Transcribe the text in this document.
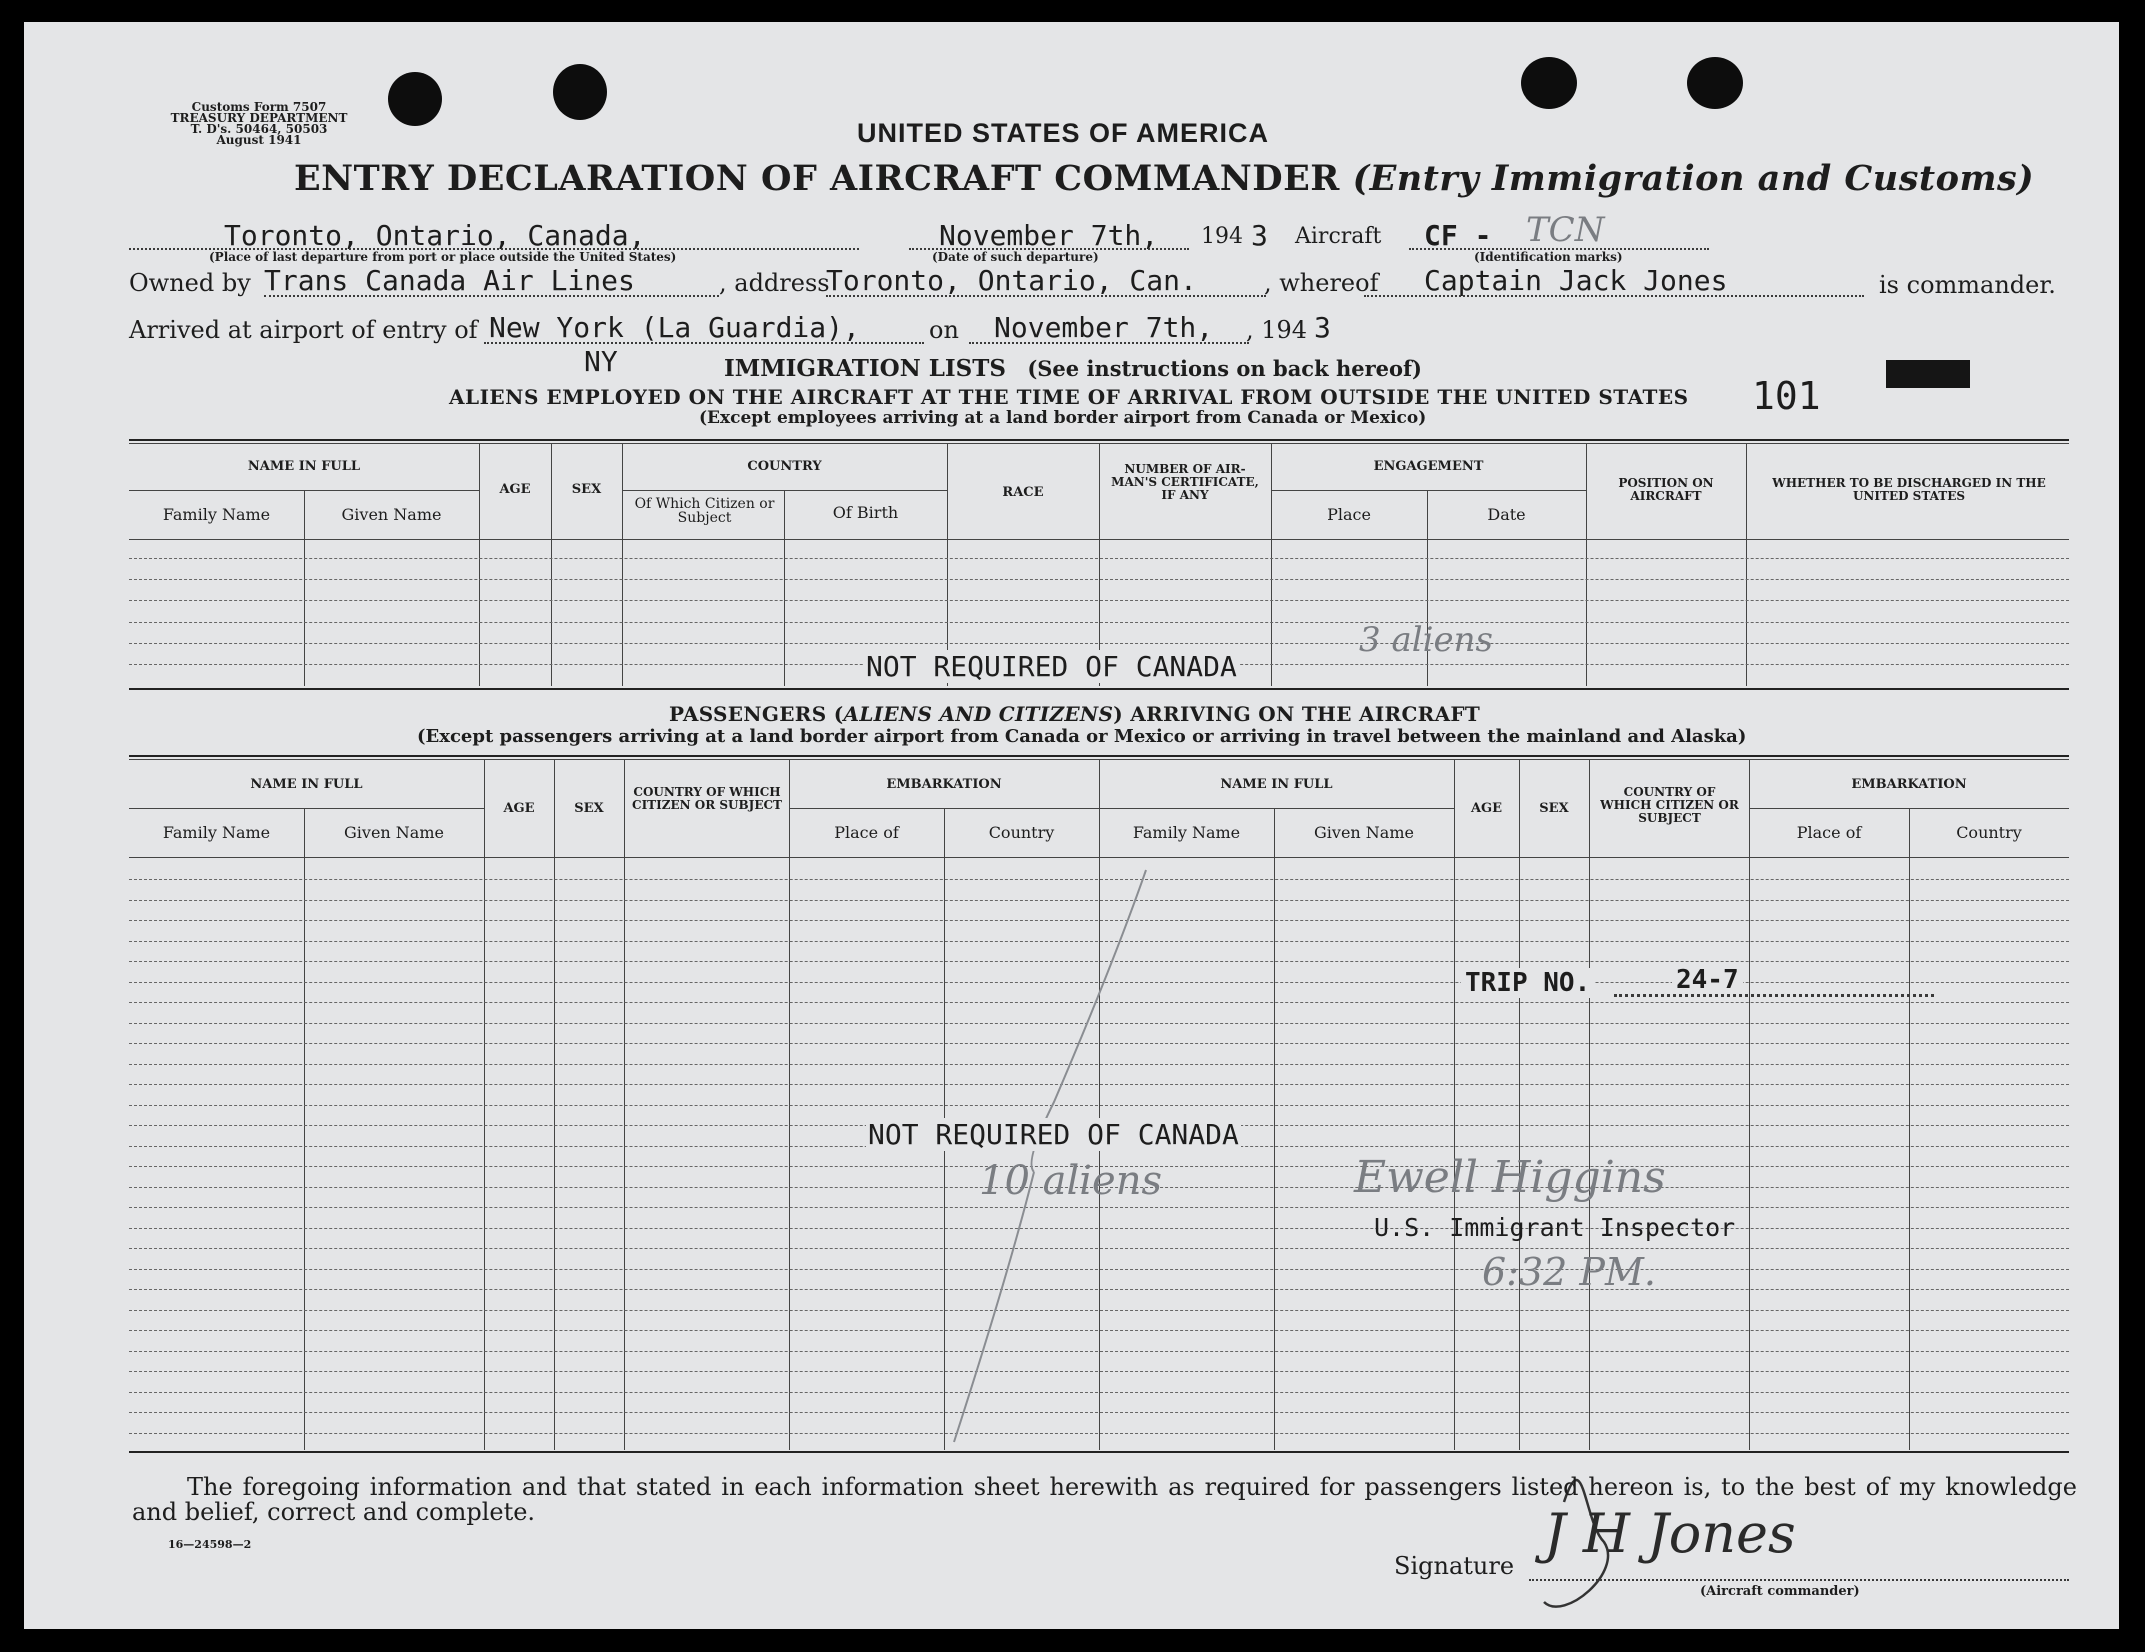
Customs Form 7507
TREASURY DEPARTMENT
T. D's. 50464, 50503
August 1941	UNITED STATES OF AMERICA
ENTRY DECLARATION OF AIRCRAFT COMMANDER (Entry Immigration and Customs)
Toronto, Ontario, Canada,
(Place of last departure from port or place outside the United States)
November 7th, 194 3
(Date of such departure)
Aircraft CF - TCN
(Identification marks)
Owned by Trans Canada Air Lines	, address
Toronto, Ontario, Can.	, whereof Captain Jack Jones	is commander.
Arrived at airport of entry of New York (La Guardia),	on November 7th, , 194 3
NY
101
IMMIGRATION LISTS (See instructions on back hereof)
ALIENS EMPLOYED ON THE AIRCRAFT AT THE TIME OF ARRIVAL FROM OUTSIDE THE UNITED STATES
(Except employees arriving at a land border airport from Canada or Mexico)
NAME IN FULL
Family Name	Given Name
AGE	SEX
COUNTRY
Of Which Citizen or Subject	Of Birth
RACE
NUMBER OF AIR-MAN'S CERTIFICATE, IF ANY
ENGAGEMENT
Place	Date
POSITION ON AIRCRAFT
WHETHER TO BE DISCHARGED IN THE UNITED STATES
NOT REQUIRED OF CANADA
3 aliens
PASSENGERS (ALIENS AND CITIZENS) ARRIVING ON THE AIRCRAFT
(Except passengers arriving at a land border airport from Canada or Mexico or arriving in travel between the mainland and Alaska)
NAME IN FULL
Family Name	Given Name
AGE	SEX
COUNTRY OF WHICH CITIZEN OR SUBJECT
EMBARKATION
Place of	Country
NAME IN FULL
Family Name	Given Name
AGE	SEX
COUNTRY OF WHICH CITIZEN OR SUBJECT
EMBARKATION
Place of	Country
TRIP NO.	24-7
NOT REQUIRED OF CANADA
10 aliens	Ewell Higgins
U.S. Immigrant Inspector
6:32 PM.
The foregoing information and that stated in each information sheet herewith as required for passengers listed hereon is, to the best of my knowledge and belief, correct and complete.
16—24598—2
Signature
J H Jones
(Aircraft commander)
